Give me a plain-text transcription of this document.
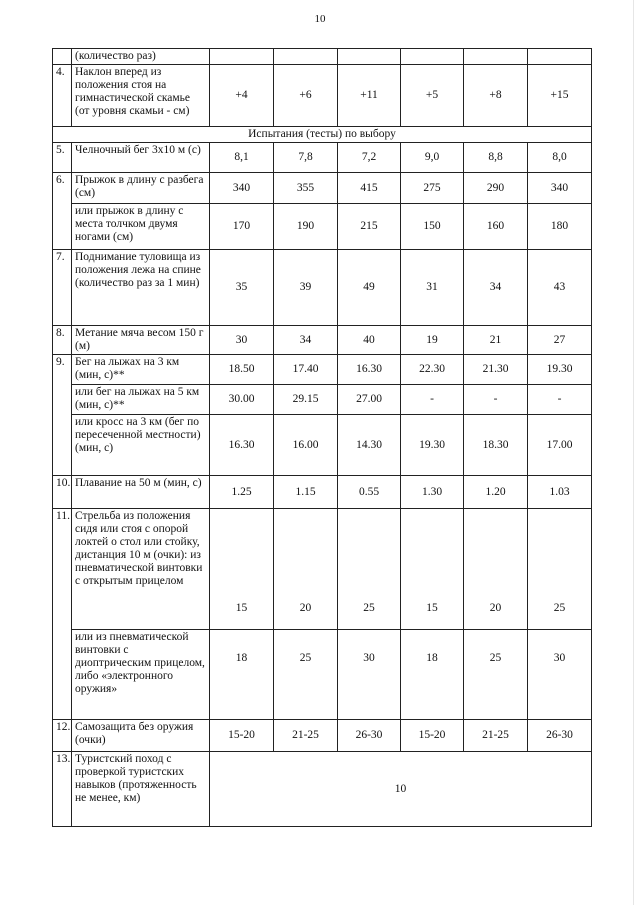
10
	(количество раз)						
4.	Наклон вперед из положения стоя на гимнастической скамье (от уровня скамьи - см)	+4	+6	+11	+5	+8	+15
Испытания (тесты) по выбору							
5.	Челночный бег 3x10 м (с)	8,1	7,8	7,2	9,0	8,8	8,0
6.	Прыжок в длину с разбега (см)	340	355	415	275	290	340
	или прыжок в длину с места толчком двумя ногами (см)	170	190	215	150	160	180
7.	Поднимание туловища из положения лежа на спине (количество раз за 1 мин)	35	39	49	31	34	43
8.	Метание мяча весом 150 г (м)	30	34	40	19	21	27
9.	Бег на лыжах на 3 км (мин, с)**	18.50	17.40	16.30	22.30	21.30	19.30
	или бег на лыжах на 5 км (мин, с)**	30.00	29.15	27.00	-	-	-
	или кросс на 3 км (бег по пересеченной местности) (мин, с)	16.30	16.00	14.30	19.30	18.30	17.00
10.	Плавание на 50 м (мин, с)	1.25	1.15	0.55	1.30	1.20	1.03
11.	Стрельба из положения сидя или стоя с опорой локтей о стол или стойку, дистанция 10 м (очки): из пневматической винтовки с открытым прицелом	15	20	25	15	20	25
	или из пневматической винтовки с диоптрическим прицелом, либо «электронного оружия»	18	25	30	18	25	30
12.	Самозащита без оружия (очки)	15-20	21-25	26-30	15-20	21-25	26-30
13.	Туристский поход с проверкой туристских навыков (протяженность не менее, км)	10					
